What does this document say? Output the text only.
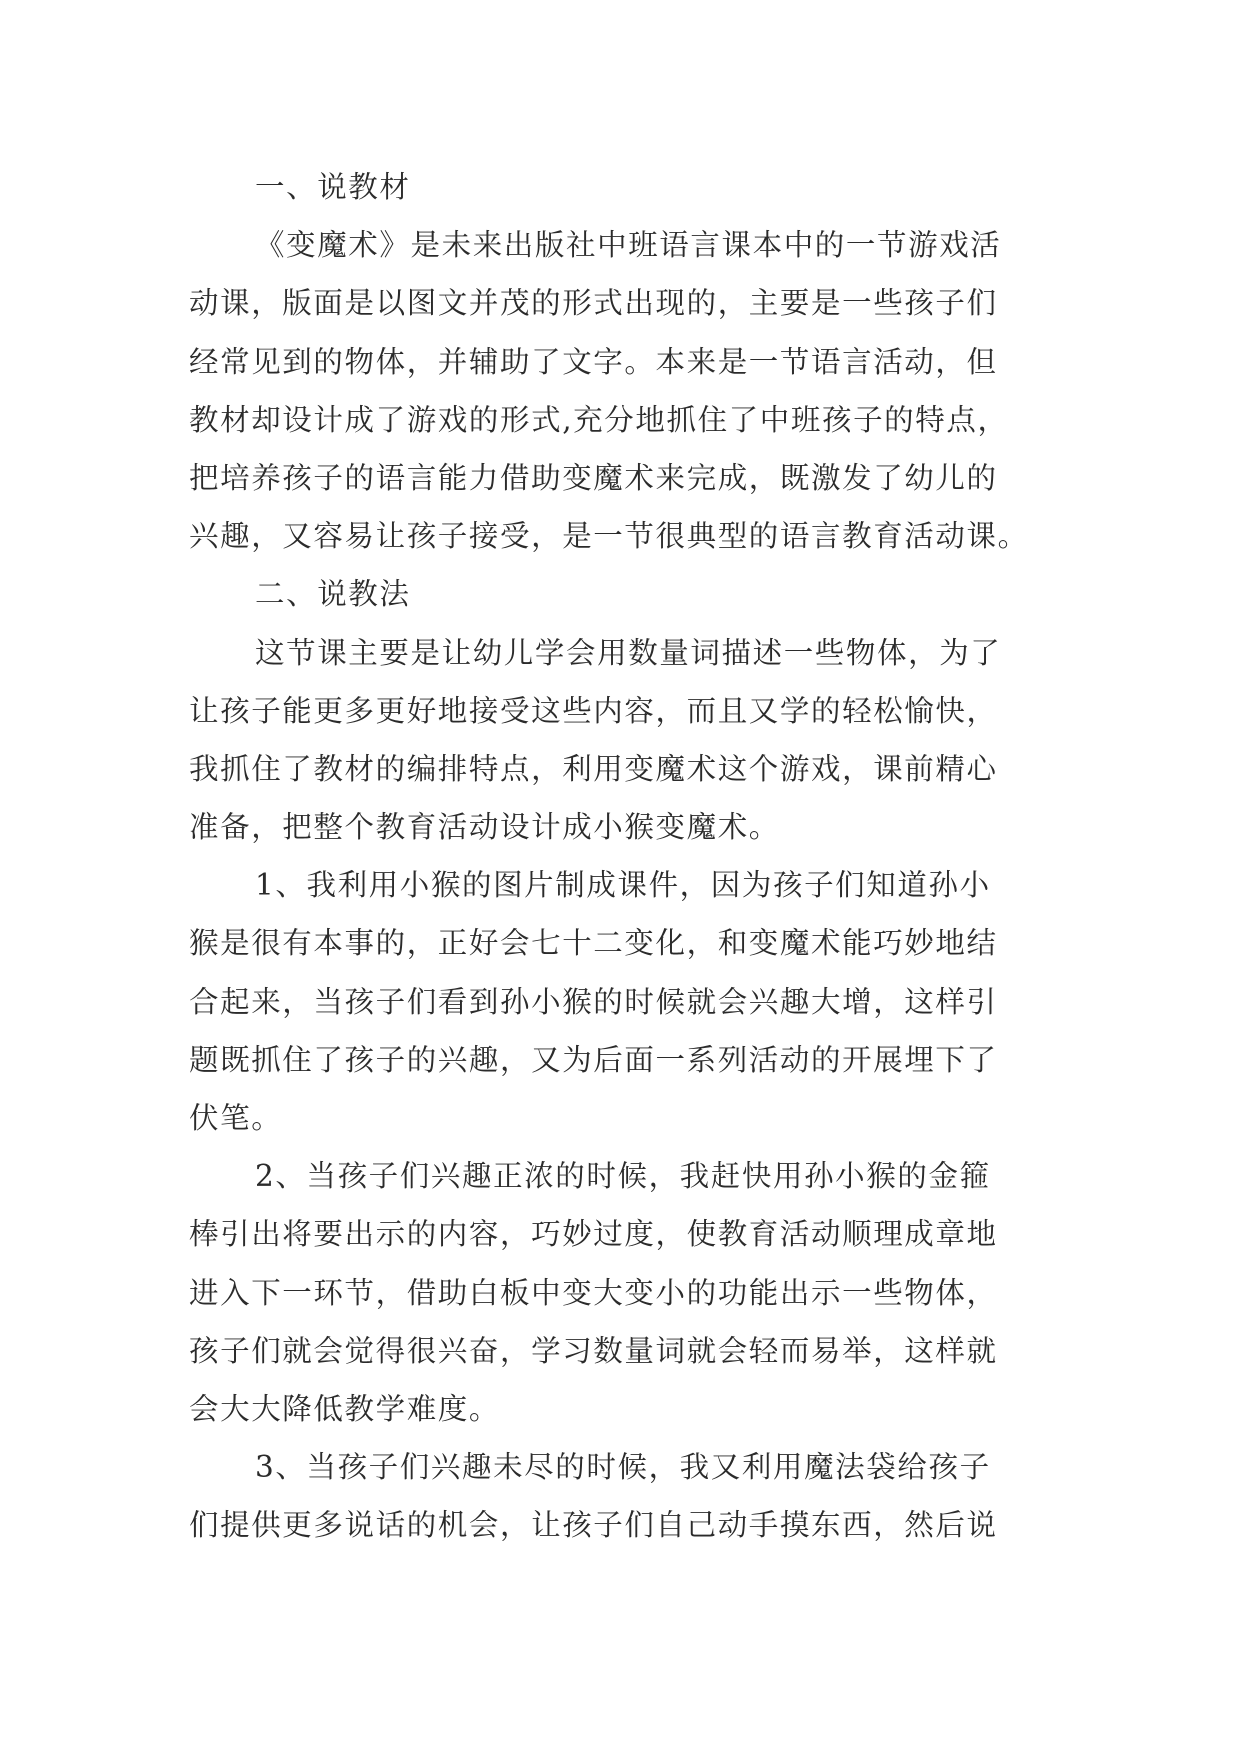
一、说教材
《变魔术》是未来出版社中班语言课本中的一节游戏活
动课，版面是以图文并茂的形式出现的，主要是一些孩子们
经常见到的物体，并辅助了文字。本来是一节语言活动，但
教材却设计成了游戏的形式,充分地抓住了中班孩子的特点，
把培养孩子的语言能力借助变魔术来完成，既激发了幼儿的
兴趣，又容易让孩子接受，是一节很典型的语言教育活动课。
二、说教法
这节课主要是让幼儿学会用数量词描述一些物体，为了
让孩子能更多更好地接受这些内容，而且又学的轻松愉快，
我抓住了教材的编排特点，利用变魔术这个游戏，课前精心
准备，把整个教育活动设计成小猴变魔术。
1、我利用小猴的图片制成课件，因为孩子们知道孙小
猴是很有本事的，正好会七十二变化，和变魔术能巧妙地结
合起来，当孩子们看到孙小猴的时候就会兴趣大增，这样引
题既抓住了孩子的兴趣，又为后面一系列活动的开展埋下了
伏笔。
2、当孩子们兴趣正浓的时候，我赶快用孙小猴的金箍
棒引出将要出示的内容，巧妙过度，使教育活动顺理成章地
进入下一环节，借助白板中变大变小的功能出示一些物体，
孩子们就会觉得很兴奋，学习数量词就会轻而易举，这样就
会大大降低教学难度。
3、当孩子们兴趣未尽的时候，我又利用魔法袋给孩子
们提供更多说话的机会，让孩子们自己动手摸东西，然后说
